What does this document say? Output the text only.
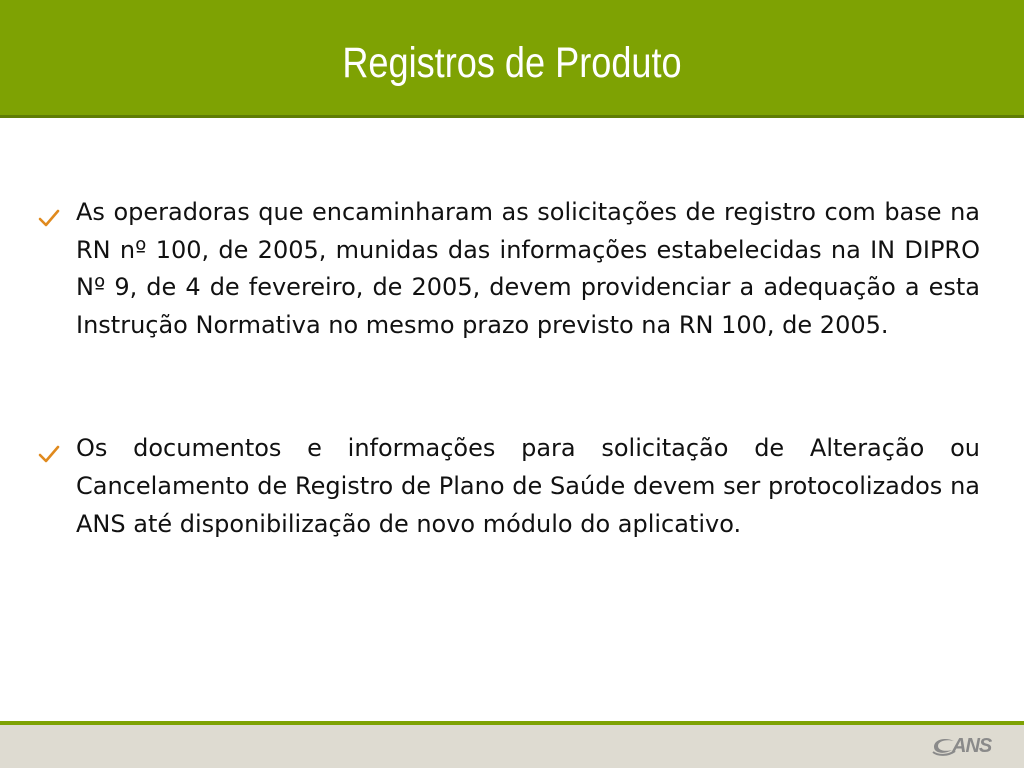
Registros de Produto
As operadoras que encaminharam as solicitações de registro com base na RN nº 100, de 2005, munidas das informações estabelecidas na IN DIPRO Nº 9, de 4 de fevereiro, de 2005, devem providenciar a adequação a esta Instrução Normativa no mesmo prazo previsto na RN 100, de 2005.
Os documentos e informações para solicitação de Alteração ou Cancelamento de Registro de Plano de Saúde devem ser protocolizados na ANS até disponibilização de novo módulo do aplicativo.
ANS
